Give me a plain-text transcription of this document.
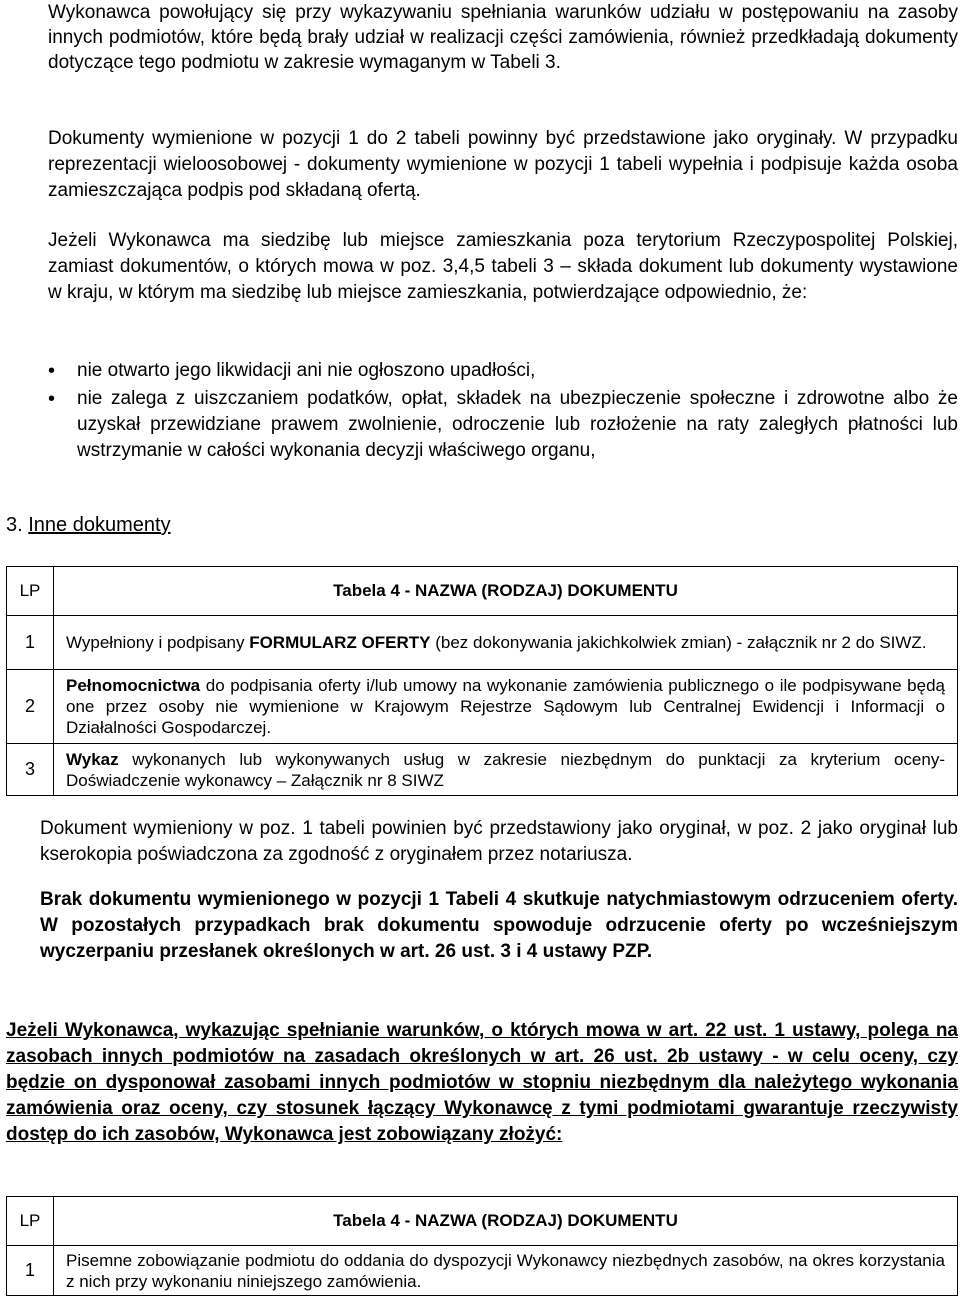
Wykonawca powołujący się przy wykazywaniu spełniania warunków udziału w postępowaniu na zasoby innych podmiotów, które będą brały udział w realizacji części zamówienia, również przedkładają dokumenty dotyczące tego podmiotu w zakresie wymaganym w Tabeli 3.
Dokumenty wymienione w pozycji 1 do 2 tabeli powinny być przedstawione jako oryginały. W przypadku reprezentacji wieloosobowej - dokumenty wymienione w pozycji 1 tabeli wypełnia i podpisuje każda osoba zamieszczająca podpis pod składaną ofertą.
Jeżeli Wykonawca ma siedzibę lub miejsce zamieszkania poza terytorium Rzeczypospolitej Polskiej, zamiast dokumentów, o których mowa w poz. 3,4,5 tabeli 3 – składa dokument lub dokumenty wystawione w kraju, w którym ma siedzibę lub miejsce zamieszkania, potwierdzające odpowiednio, że:
• nie otwarto jego likwidacji ani nie ogłoszono upadłości,
• nie zalega z uiszczaniem podatków, opłat, składek na ubezpieczenie społeczne i zdrowotne albo że uzyskał przewidziane prawem zwolnienie, odroczenie lub rozłożenie na raty zaległych płatności lub wstrzymanie w całości wykonania decyzji właściwego organu,
3. Inne dokumenty
LP	Tabela 4 - NAZWA (RODZAJ) DOKUMENTU
1	Wypełniony i podpisany FORMULARZ OFERTY (bez dokonywania jakichkolwiek zmian) - załącznik nr 2 do SIWZ.
2	Pełnomocnictwa do podpisania oferty i/lub umowy na wykonanie zamówienia publicznego o ile podpisywane będą one przez osoby nie wymienione w Krajowym Rejestrze Sądowym lub Centralnej Ewidencji i Informacji o Działalności Gospodarczej.
3	Wykaz wykonanych lub wykonywanych usług w zakresie niezbędnym do punktacji za kryterium oceny-Doświadczenie wykonawcy – Załącznik nr 8 SIWZ
Dokument wymieniony w poz. 1 tabeli powinien być przedstawiony jako oryginał, w poz. 2 jako oryginał lub kserokopia poświadczona za zgodność z oryginałem przez notariusza.
Brak dokumentu wymienionego w pozycji 1 Tabeli 4 skutkuje natychmiastowym odrzuceniem oferty. W pozostałych przypadkach brak dokumentu spowoduje odrzucenie oferty po wcześniejszym wyczerpaniu przesłanek określonych w art. 26 ust. 3 i 4 ustawy PZP.
Jeżeli Wykonawca, wykazując spełnianie warunków, o których mowa w art. 22 ust. 1 ustawy, polega na zasobach innych podmiotów na zasadach określonych w art. 26 ust. 2b ustawy - w celu oceny, czy będzie on dysponował zasobami innych podmiotów w stopniu niezbędnym dla należytego wykonania zamówienia oraz oceny, czy stosunek łączący Wykonawcę z tymi podmiotami gwarantuje rzeczywisty dostęp do ich zasobów, Wykonawca jest zobowiązany złożyć:
LP	Tabela 4 - NAZWA (RODZAJ) DOKUMENTU
1	Pisemne zobowiązanie podmiotu do oddania do dyspozycji Wykonawcy niezbędnych zasobów, na okres korzystania z nich przy wykonaniu niniejszego zamówienia.
